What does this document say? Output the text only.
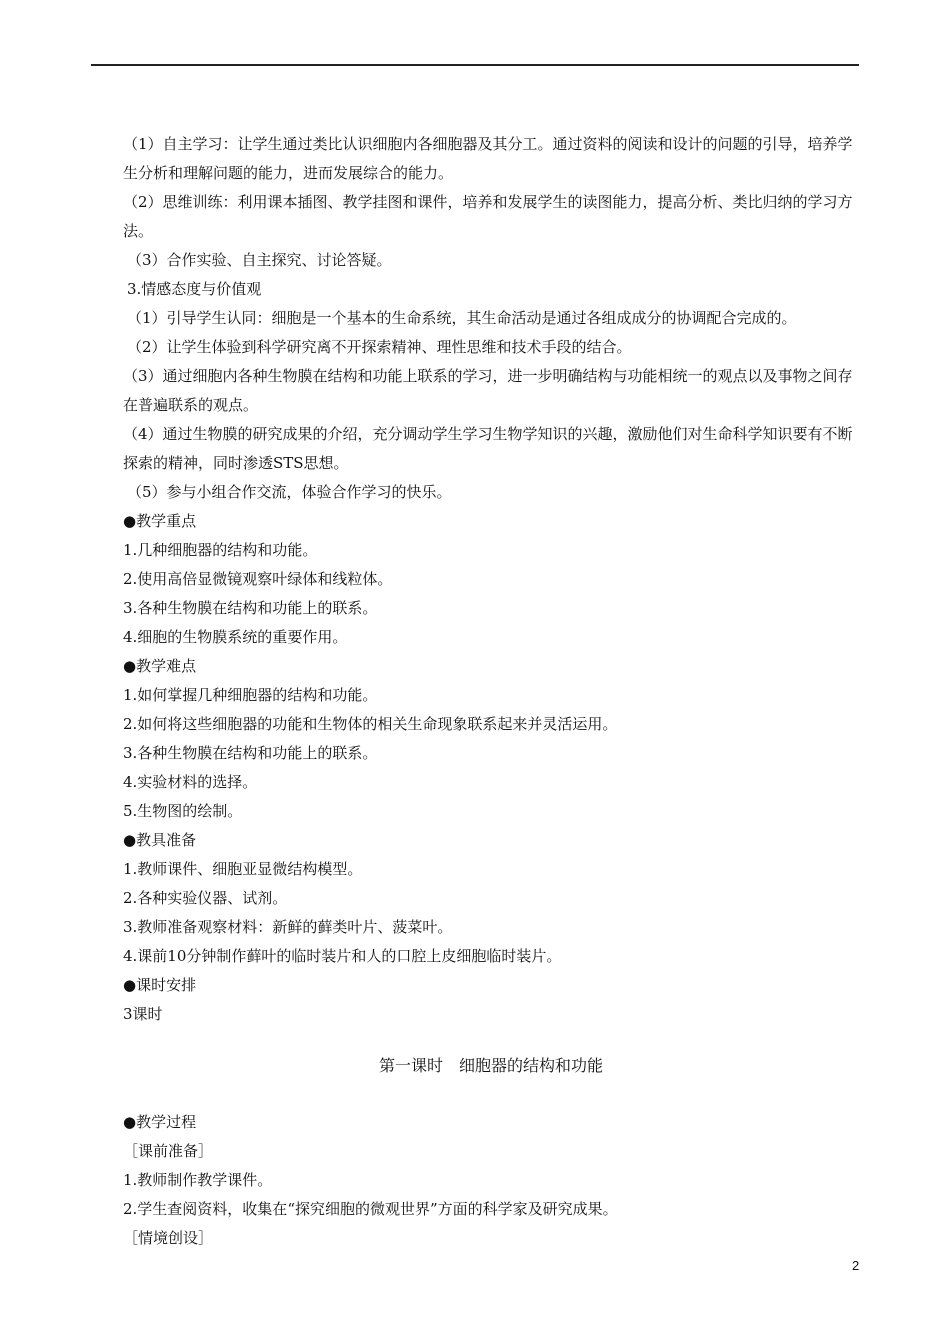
（1）自主学习：让学生通过类比认识细胞内各细胞器及其分工。通过资料的阅读和设计的问题的引导，培养学生分析和理解问题的能力，进而发展综合的能力。
（2）思维训练：利用课本插图、教学挂图和课件，培养和发展学生的读图能力，提高分析、类比归纳的学习方法。
（3）合作实验、自主探究、讨论答疑。
3.情感态度与价值观
（1）引导学生认同：细胞是一个基本的生命系统，其生命活动是通过各组成成分的协调配合完成的。
（2）让学生体验到科学研究离不开探索精神、理性思维和技术手段的结合。
（3）通过细胞内各种生物膜在结构和功能上联系的学习，进一步明确结构与功能相统一的观点以及事物之间存在普遍联系的观点。
（4）通过生物膜的研究成果的介绍，充分调动学生学习生物学知识的兴趣，激励他们对生命科学知识要有不断探索的精神，同时渗透STS思想。
（5）参与小组合作交流，体验合作学习的快乐。
●教学重点
1.几种细胞器的结构和功能。
2.使用高倍显微镜观察叶绿体和线粒体。
3.各种生物膜在结构和功能上的联系。
4.细胞的生物膜系统的重要作用。
●教学难点
1.如何掌握几种细胞器的结构和功能。
2.如何将这些细胞器的功能和生物体的相关生命现象联系起来并灵活运用。
3.各种生物膜在结构和功能上的联系。
4.实验材料的选择。
5.生物图的绘制。
●教具准备
1.教师课件、细胞亚显微结构模型。
2.各种实验仪器、试剂。
3.教师准备观察材料：新鲜的藓类叶片、菠菜叶。
4.课前10分钟制作藓叶的临时装片和人的口腔上皮细胞临时装片。
●课时安排
3课时
第一课时　细胞器的结构和功能
●教学过程
［课前准备］
1.教师制作教学课件。
2.学生查阅资料，收集在“探究细胞的微观世界”方面的科学家及研究成果。
［情境创设］
2
